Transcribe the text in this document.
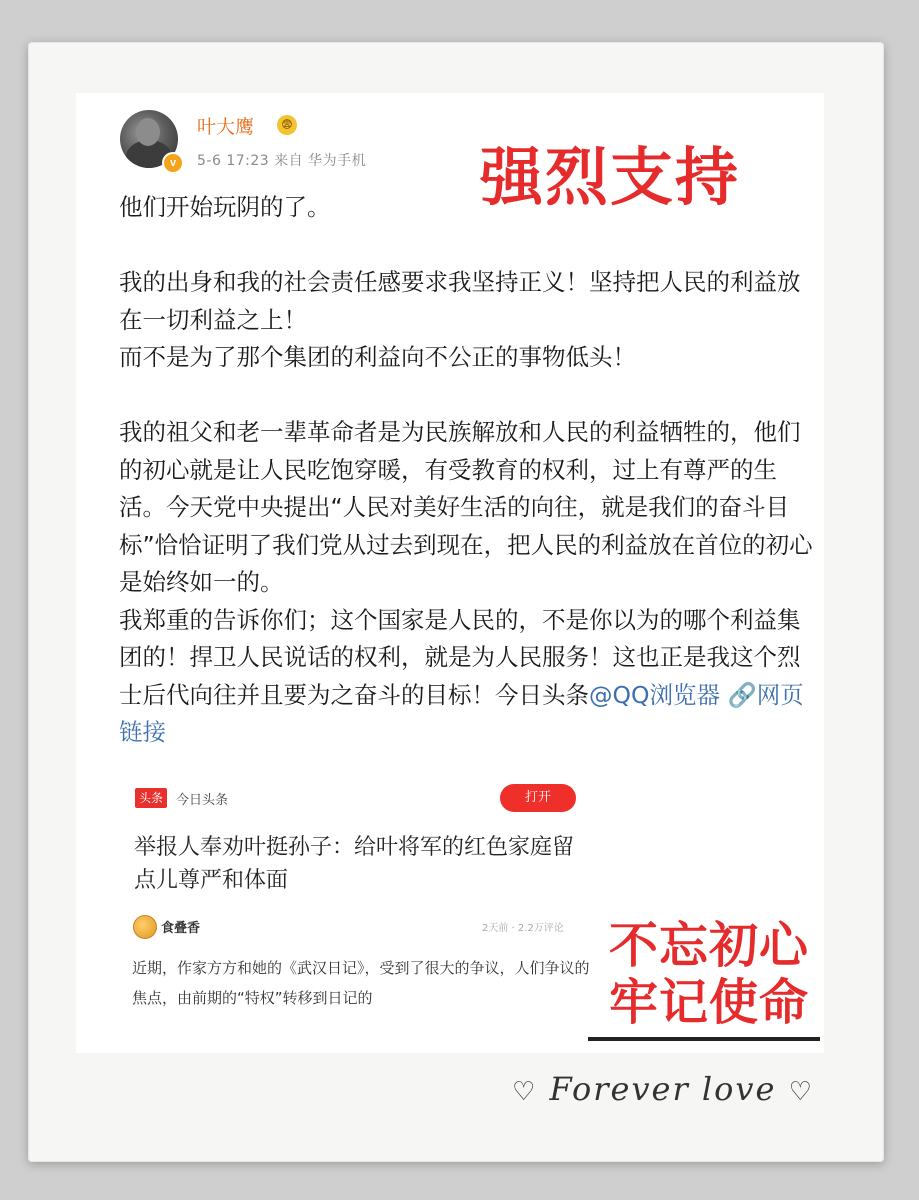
v
叶大鹰	😨
5-6 17:23 来自 华为手机 强烈支持

他们开始玩阴的了。

我的出身和我的社会责任感要求我坚持正义！坚持把人民的利益放在一切利益之上！
而不是为了那个集团的利益向不公正的事物低头！

我的祖父和老一辈革命者是为民族解放和人民的利益牺牲的，他们的初心就是让人民吃饱穿暖，有受教育的权利，过上有尊严的生活。今天党中央提出“人民对美好生活的向往，就是我们的奋斗目标”恰恰证明了我们党从过去到现在，把人民的利益放在首位的初心是始终如一的。
我郑重的告诉你们；这个国家是人民的，不是你以为的哪个利益集团的！捍卫人民说话的权利，就是为人民服务！这也正是我这个烈士后代向往并且要为之奋斗的目标！今日头条@QQ浏览器 🔗网页链接

头条	今日头条	打开
举报人奉劝叶挺孙子：给叶将军的红色家庭留点儿尊严和体面
食叠香	2天前 · 2.2万评论
近期，作家方方和她的《武汉日记》，受到了很大的争议，人们争议的焦点，由前期的“特权”转移到日记的
不忘初心
牢记使命
♡ Forever love ♡
